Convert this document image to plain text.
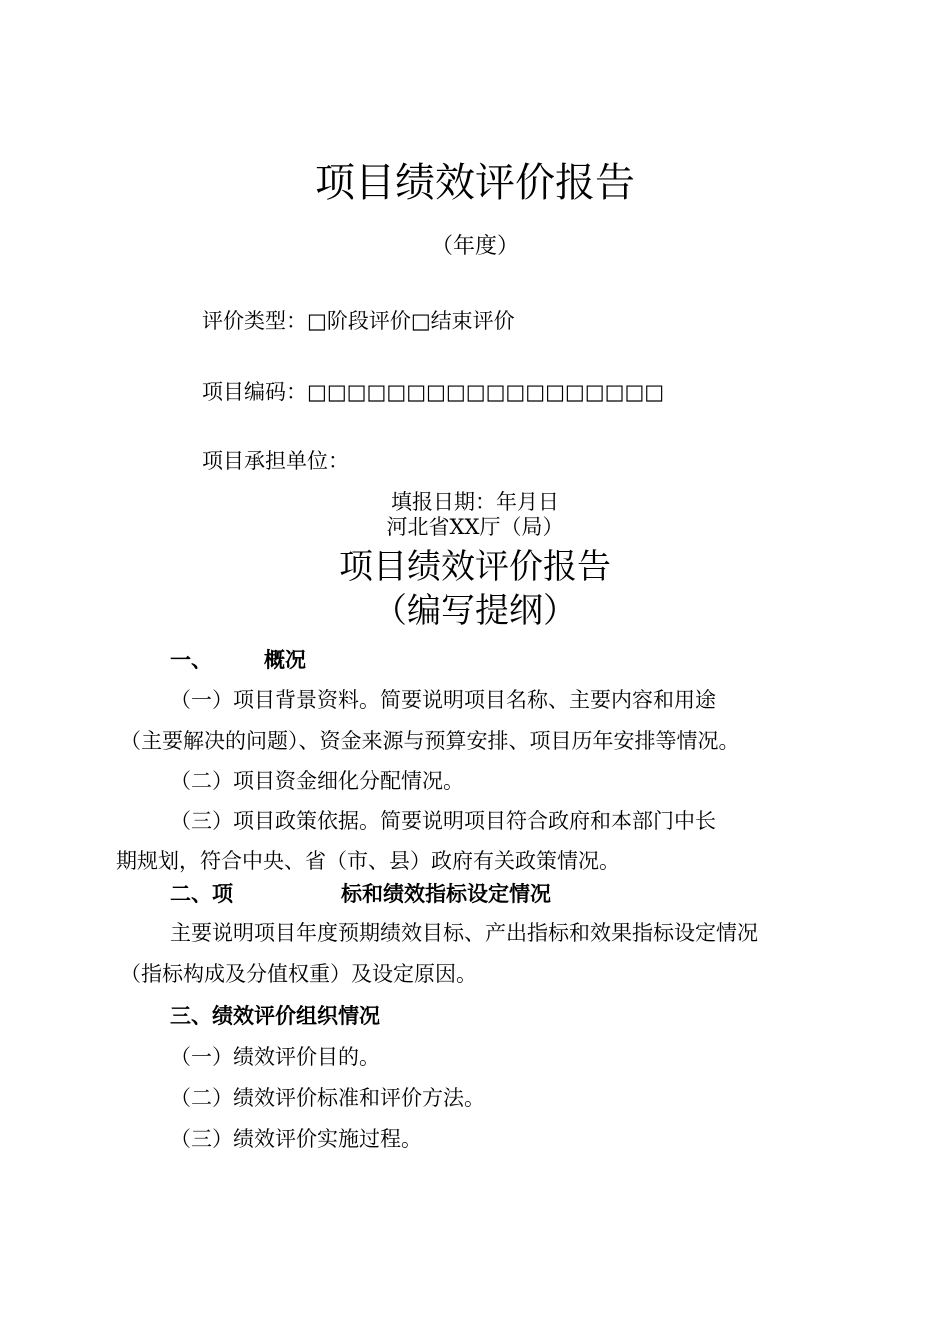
项目绩效评价报告
（年度）
评价类型：□阶段评价□结束评价
项目编码：□□□□□□□□□□□□□□□□□□
项目承担单位：
填报日期：年月日
河北省XX厅（局）
项目绩效评价报告
（编写提纲）
一、 概况
（一）项目背景资料。简要说明项目名称、主要内容和用途
（主要解决的问题）、资金来源与预算安排、项目历年安排等情况。
（二）项目资金细化分配情况。
（三）项目政策依据。简要说明项目符合政府和本部门中长
期规划，符合中央、省（市、县）政府有关政策情况。
二、项	标和绩效指标设定情况
主要说明项目年度预期绩效目标、产出指标和效果指标设定情况
（指标构成及分值权重）及设定原因。
三、绩效评价组织情况
（一）绩效评价目的。
（二）绩效评价标准和评价方法。
（三）绩效评价实施过程。
